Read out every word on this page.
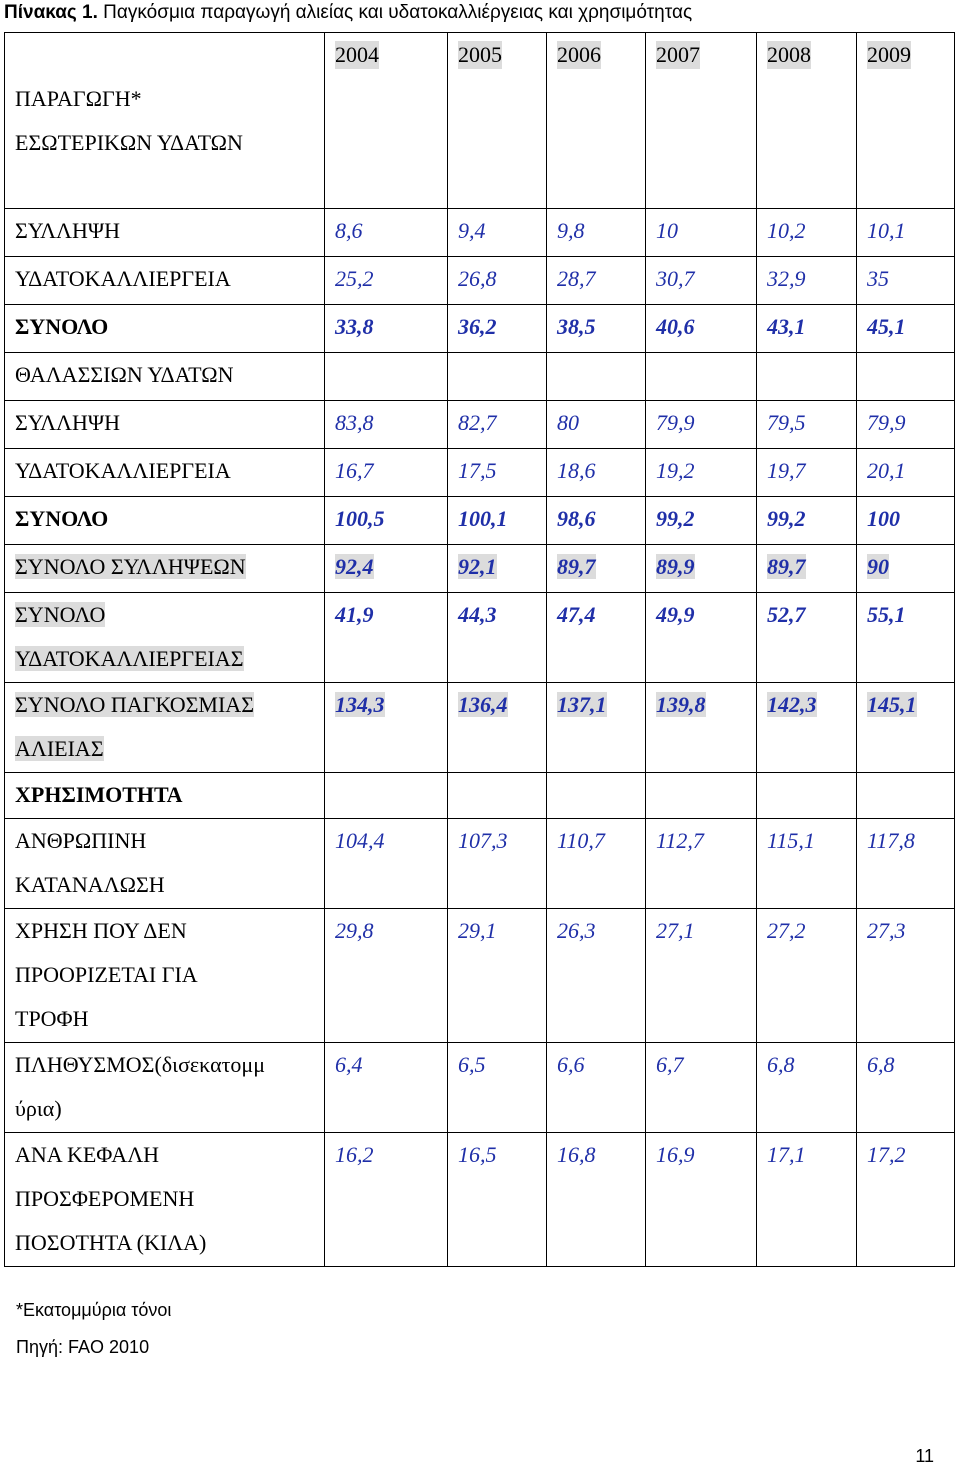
Πίνακας 1. Παγκόσμια παραγωγή αλιείας και υδατοκαλλιέργειας και χρησιμότητας
ΠΑΡΑΓΩΓΗ*
ΕΣΩΤΕΡΙΚΩΝ ΥΔΑΤΩΝ	2004	2005	2006	2007	2008	2009

ΣΥΛΛΗΨΗ	8,6	9,4	9,8	10	10,2	10,1

ΥΔΑΤΟΚΑΛΛΙΕΡΓΕΙΑ	25,2	26,8	28,7	30,7	32,9	35

ΣΥΝΟΛΟ	33,8	36,2	38,5	40,6	43,1	45,1

ΘΑΛΑΣΣΙΩΝ ΥΔΑΤΩΝ						

ΣΥΛΛΗΨΗ	83,8	82,7	80	79,9	79,5	79,9

ΥΔΑΤΟΚΑΛΛΙΕΡΓΕΙΑ	16,7	17,5	18,6	19,2	19,7	20,1

ΣΥΝΟΛΟ	100,5	100,1	98,6	99,2	99,2	100

ΣΥΝΟΛΟ ΣΥΛΛΗΨΕΩΝ	92,4	92,1	89,7	89,9	89,7	90

ΣΥΝΟΛΟ
ΥΔΑΤΟΚΑΛΛΙΕΡΓΕΙΑΣ	41,9	44,3	47,4	49,9	52,7	55,1

ΣΥΝΟΛΟ ΠΑΓΚΟΣΜΙΑΣ
ΑΛΙΕΙΑΣ	134,3	136,4	137,1	139,8	142,3	145,1

ΧΡΗΣΙΜΟΤΗΤΑ						

ΑΝΘΡΩΠΙΝΗ
ΚΑΤΑΝΑΛΩΣΗ	104,4	107,3	110,7	112,7	115,1	117,8

ΧΡΗΣΗ ΠΟΥ ΔΕΝ
ΠΡΟΟΡΙΖΕΤΑΙ ΓΙΑ
ΤΡΟΦΗ	29,8	29,1	26,3	27,1	27,2	27,3

ΠΛΗΘΥΣΜΟΣ(δισεκατομμ
ύρια)	6,4	6,5	6,6	6,7	6,8	6,8

ΑΝΑ ΚΕΦΑΛΗ
ΠΡΟΣΦΕΡΟΜΕΝΗ
ΠΟΣΟΤΗΤΑ (ΚΙΛΑ)	16,2	16,5	16,8	16,9	17,1	17,2
*Εκατομμύρια τόνοι
Πηγή: FAO 2010
11
